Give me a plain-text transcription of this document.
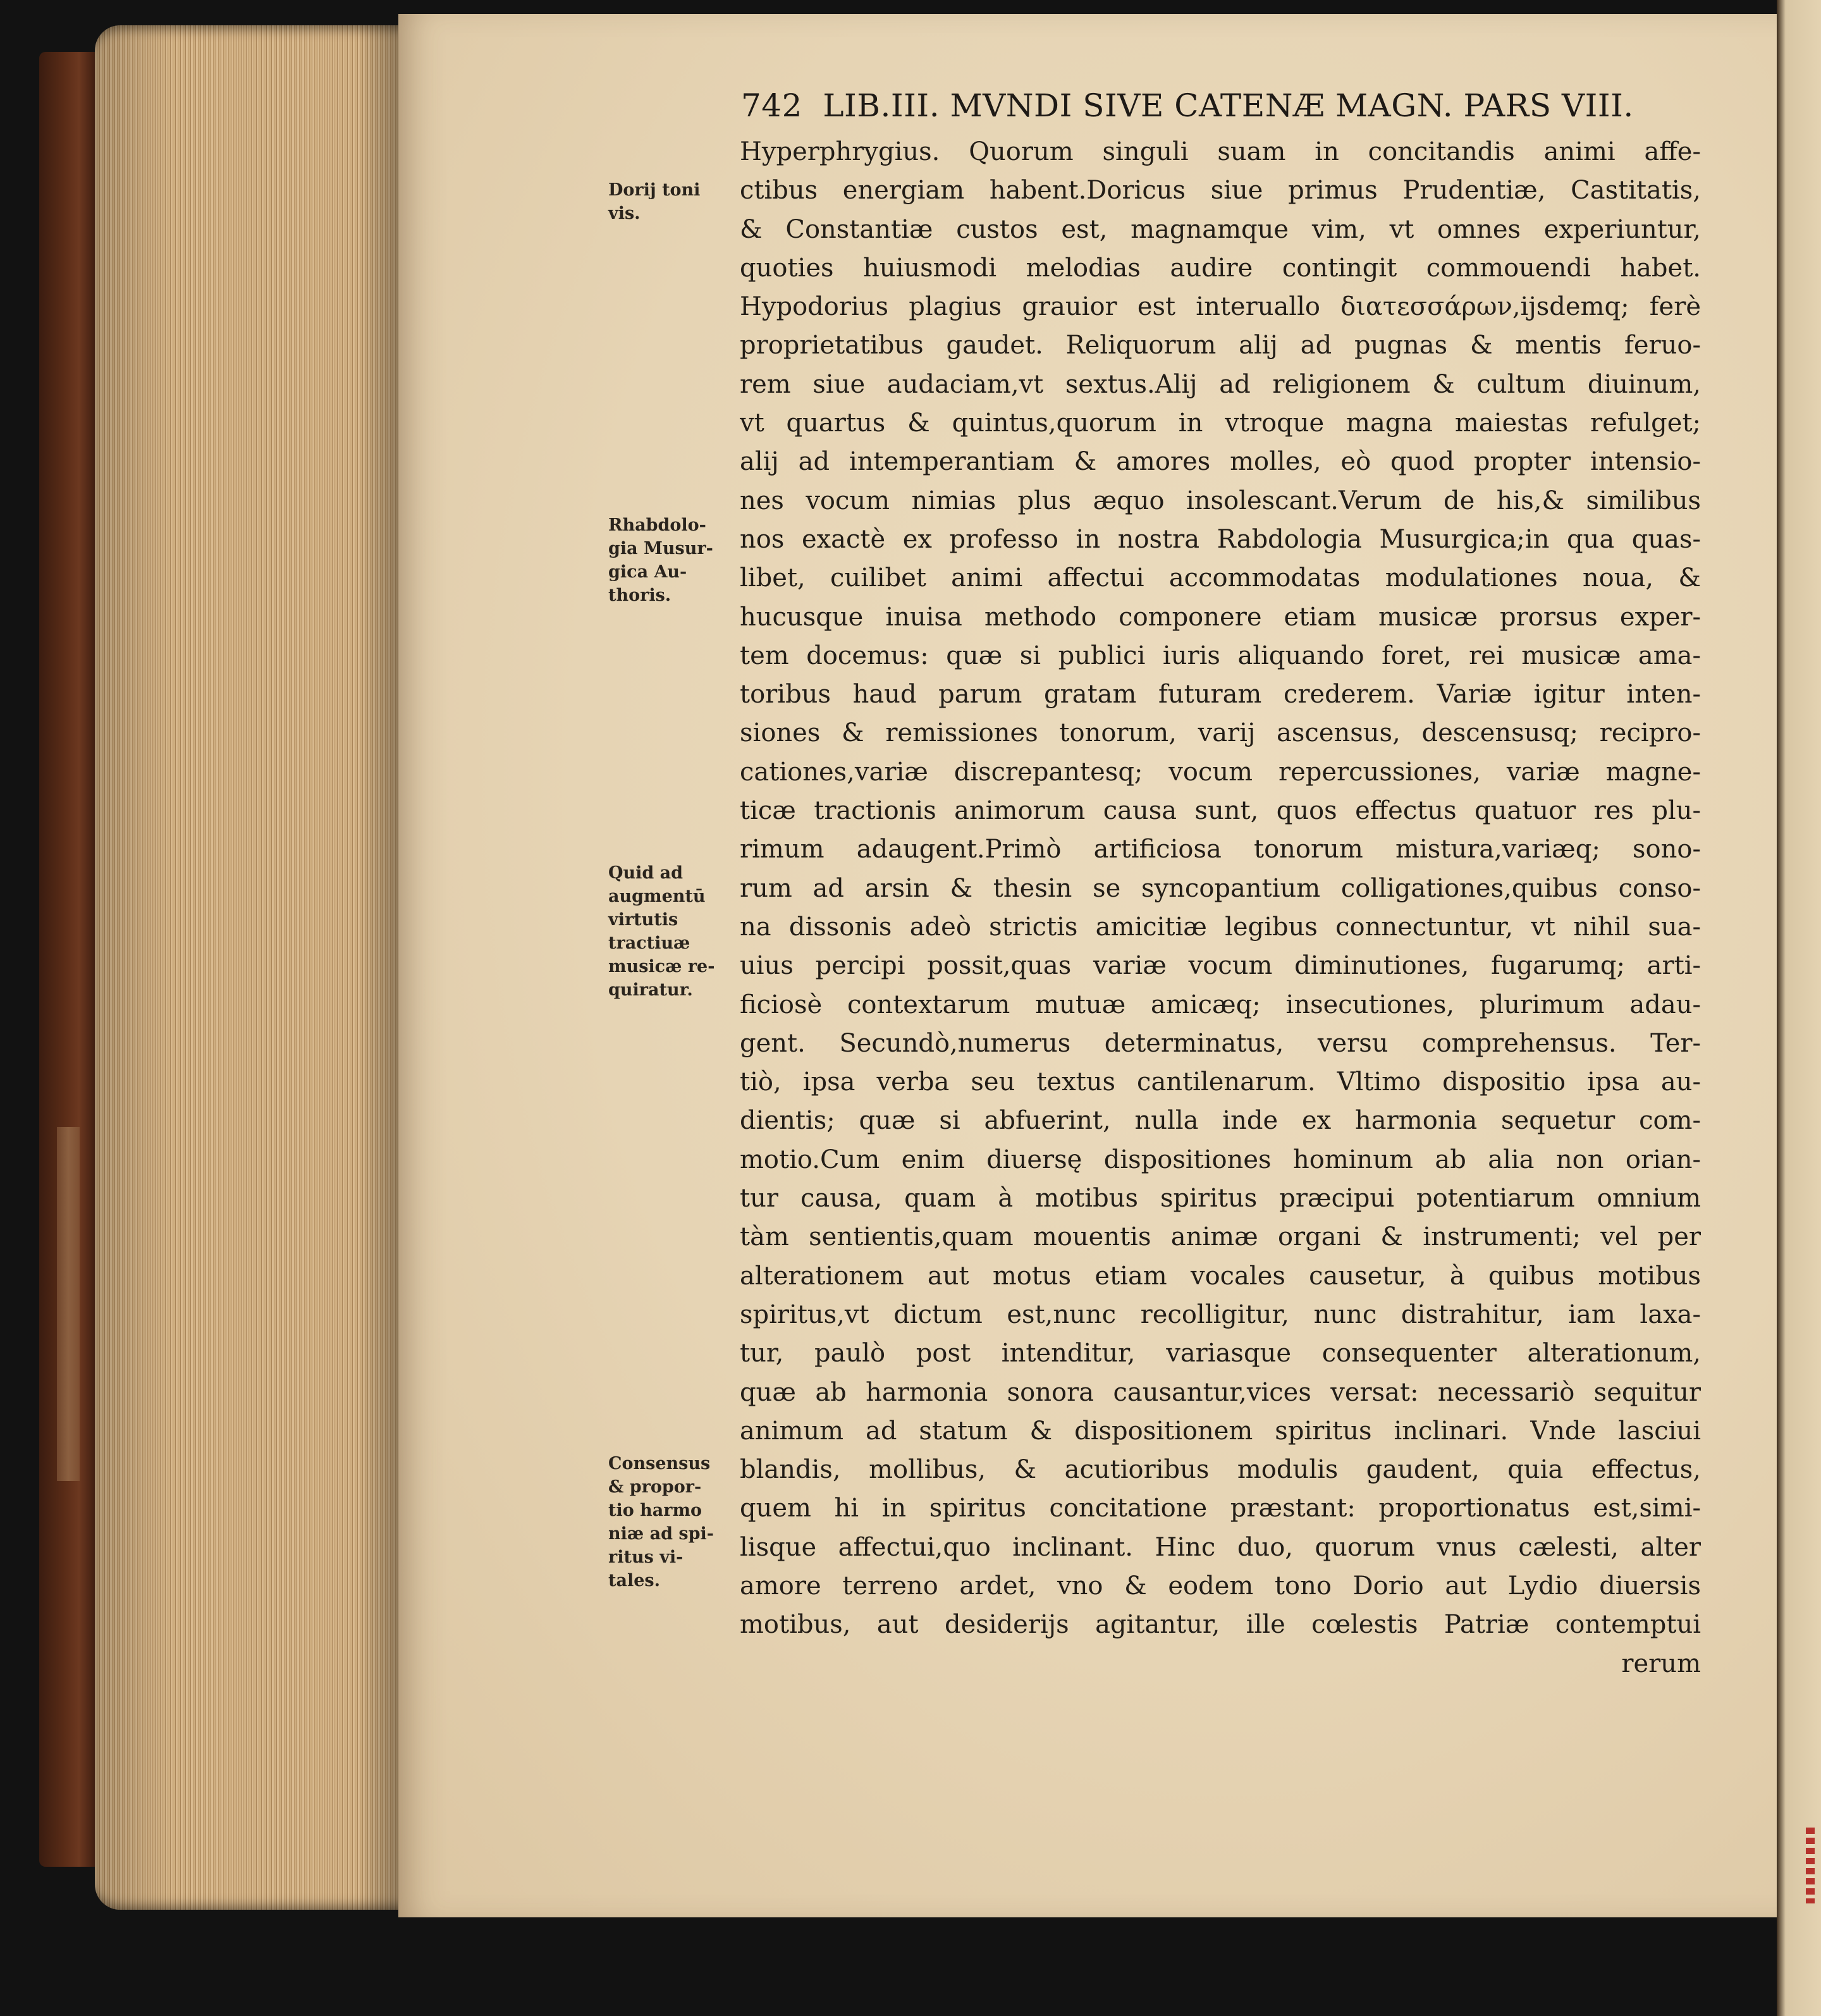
742 LIB.III. MVNDI SIVE CATENÆ MAGN. PARS VIII.
Dorij toni
vis.
Rhabdolo-
gia Musur-
gica Au-
thoris.
Quid ad
augmentū
virtutis
tractiuæ
musicæ re-
quiratur.
Consensus
& propor-
tio harmo
niæ ad spi-
ritus vi-
tales.
Hyperphrygius. Quorum singuli suam in concitandis animi affe-
ctibus energiam habent.Doricus siue primus Prudentiæ, Castitatis,
& Constantiæ custos est, magnamque vim, vt omnes experiuntur,
quoties huiusmodi melodias audire contingit commouendi habet.
Hypodorius plagius grauior est interuallo διατεσσάρων,ijsdemq; ferè
proprietatibus gaudet. Reliquorum alij ad pugnas & mentis feruo-
rem siue audaciam,vt sextus.Alij ad religionem & cultum diuinum,
vt quartus & quintus,quorum in vtroque magna maiestas refulget;
alij ad intemperantiam & amores molles, eò quod propter intensio-
nes vocum nimias plus æquo insolescant.Verum de his,& similibus
nos exactè ex professo in nostra Rabdologia Musurgica;in qua quas-
libet, cuilibet animi affectui accommodatas modulationes noua, &
hucusque inuisa methodo componere etiam musicæ prorsus exper-
tem docemus: quæ si publici iuris aliquando foret, rei musicæ ama-
toribus haud parum gratam futuram crederem. Variæ igitur inten-
siones & remissiones tonorum, varij ascensus, descensusq; recipro-
cationes,variæ discrepantesq; vocum repercussiones, variæ magne-
ticæ tractionis animorum causa sunt, quos effectus quatuor res plu-
rimum adaugent.Primò artificiosa tonorum mistura,variæq; sono-
rum ad arsin & thesin se syncopantium colligationes,quibus conso-
na dissonis adeò strictis amicitiæ legibus connectuntur, vt nihil sua-
uius percipi possit,quas variæ vocum diminutiones, fugarumq; arti-
ficiosè contextarum mutuæ amicæq; insecutiones, plurimum adau-
gent. Secundò,numerus determinatus, versu comprehensus. Ter-
tiò, ipsa verba seu textus cantilenarum. Vltimo dispositio ipsa au-
dientis; quæ si abfuerint, nulla inde ex harmonia sequetur com-
motio.Cum enim diuersę dispositiones hominum ab alia non orian-
tur causa, quam à motibus spiritus præcipui potentiarum omnium
tàm sentientis,quam mouentis animæ organi & instrumenti; vel per
alterationem aut motus etiam vocales causetur, à quibus motibus
spiritus,vt dictum est,nunc recolligitur, nunc distrahitur, iam laxa-
tur, paulò post intenditur, variasque consequenter alterationum,
quæ ab harmonia sonora causantur,vices versat: necessariò sequitur
animum ad statum & dispositionem spiritus inclinari. Vnde lasciui
blandis, mollibus, & acutioribus modulis gaudent, quia effectus,
quem hi in spiritus concitatione præstant: proportionatus est,simi-
lisque affectui,quo inclinant. Hinc duo, quorum vnus cælesti, alter
amore terreno ardet, vno & eodem tono Dorio aut Lydio diuersis
motibus, aut desiderijs agitantur, ille cœlestis Patriæ contemptui
rerum
